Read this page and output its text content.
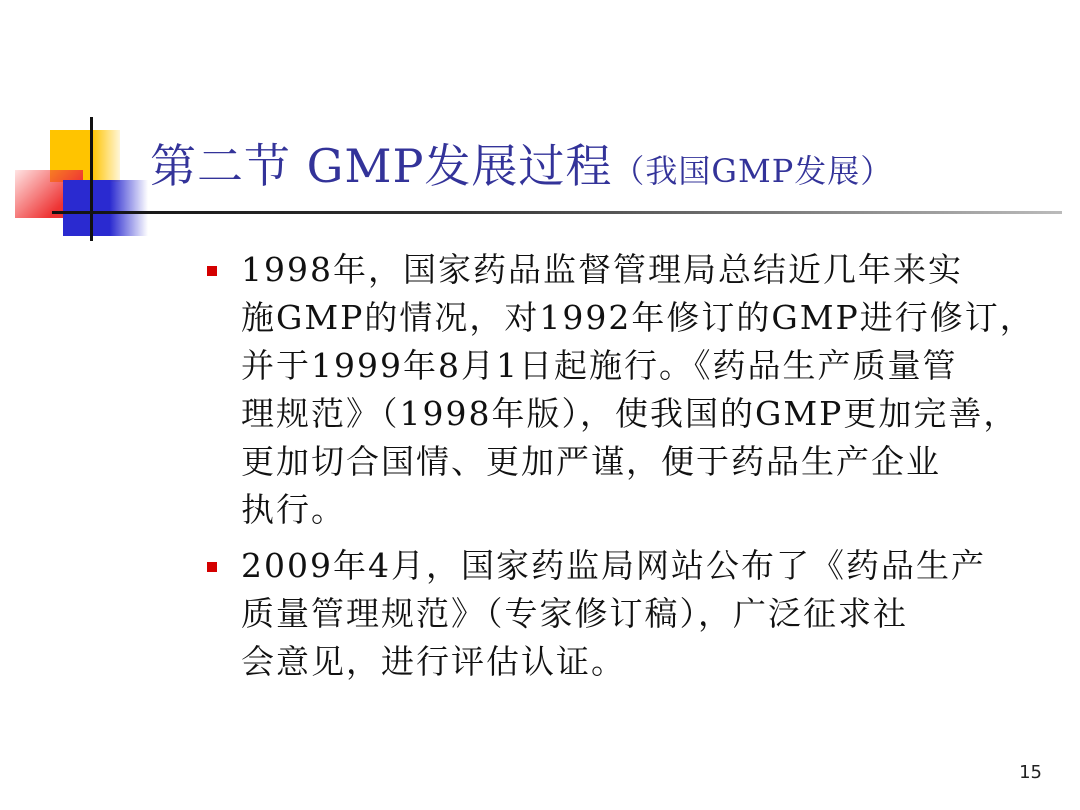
第二节 GMP发展过程（我国GMP发展）
1998年，国家药品监督管理局总结近几年来实
施GMP的情况，对1992年修订的GMP进行修订，
并于1999年8月1日起施行。《药品生产质量管
理规范》（1998年版），使我国的GMP更加完善，
更加切合国情、更加严谨，便于药品生产企业
执行。
2009年4月，国家药监局网站公布了《药品生产
质量管理规范》（专家修订稿），广泛征求社
会意见，进行评估认证。
15
